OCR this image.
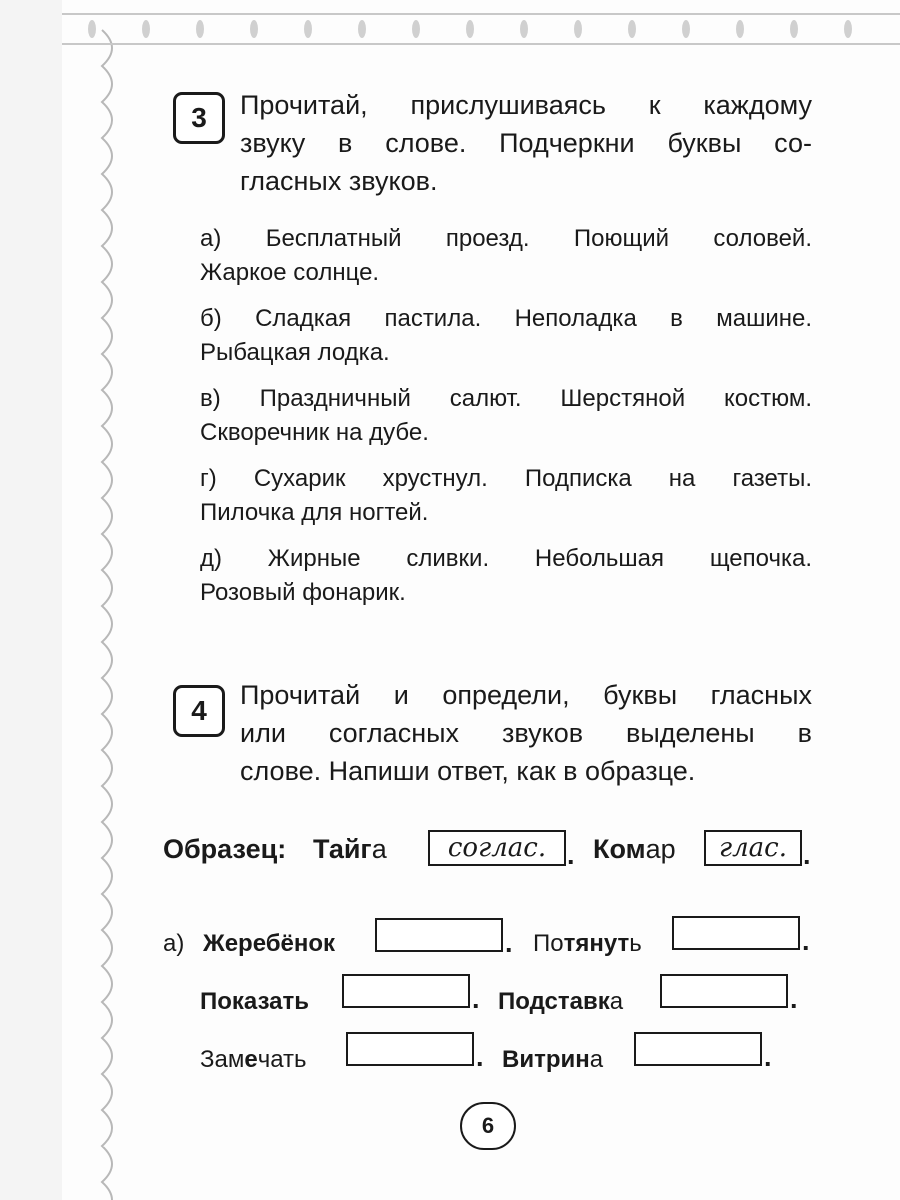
3	Прочитай, прислушиваясь к каждому
звуку в слове. Подчеркни буквы со-
гласных звуков.
а) Бесплатный проезд. Поющий соловей.
Жаркое солнце.
б) Сладкая пастила. Неполадка в машине.
Рыбацкая лодка.
в) Праздничный салют. Шерстяной костюм.
Скворечник на дубе.
г) Сухарик хрустнул. Подписка на газеты.
Пилочка для ногтей.
д) Жирные сливки. Небольшая щепочка.
Розовый фонарик.
4	Прочитай и определи, буквы гласных
или согласных звуков выделены в
слове. Напиши ответ, как в образце.
Образец: Тайга	соглас. . Комар	глас. .
а) Жеребёнок	. Потянуть	.
Показать	. Подставка	.
Замечать	. Витрина	.
6
